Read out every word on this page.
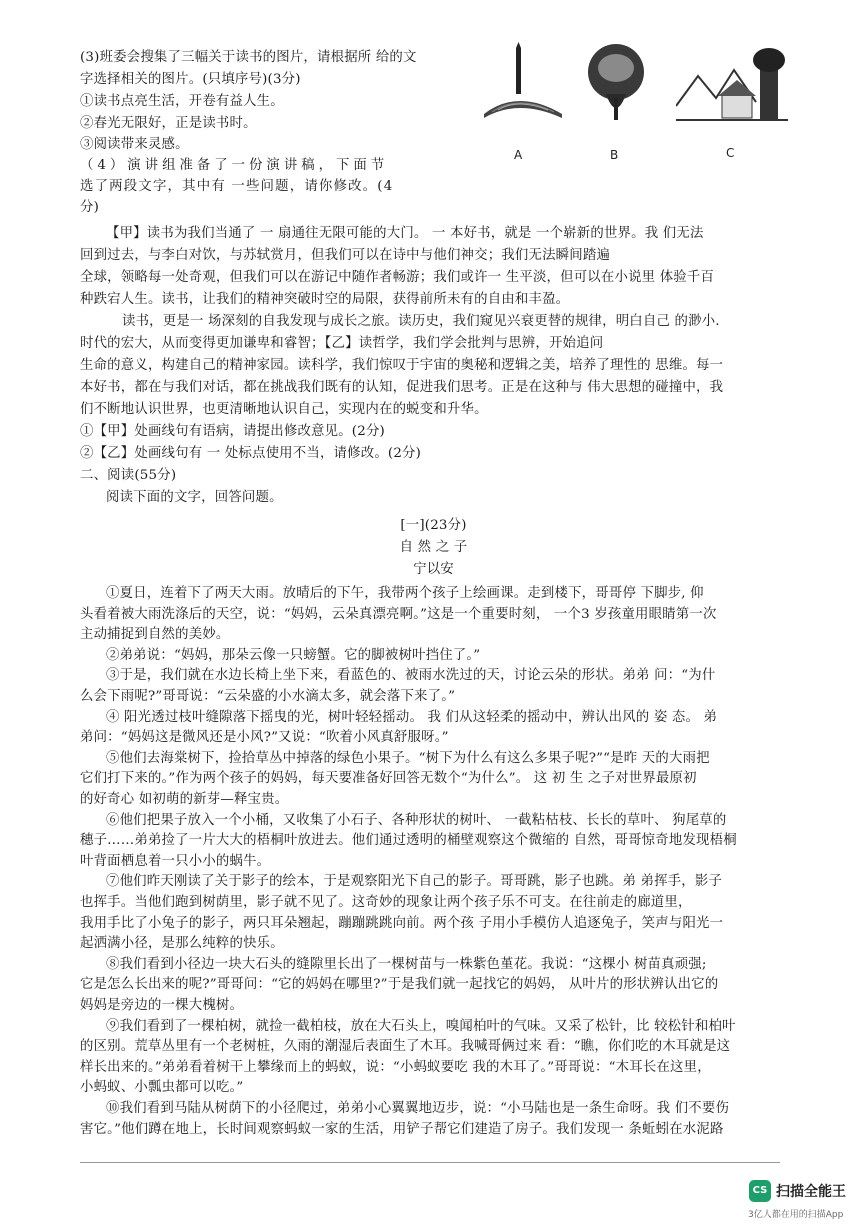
A	B	C
(3)班委会搜集了三幅关于读书的图片，请根据所 给的文
字选择相关的图片。(只填序号)(3分)
①读书点亮生活，开卷有益人生。
②春光无限好，正是读书时。
③阅读带来灵感。
（4）演讲组准备了一份演讲稿，下面节
选了两段文字，其中有 一些问题，请你修改。(4
分)
【甲】读书为我们当通了 一 扇通往无限可能的大门。 一 本好书，就是 一个崭新的世界。我 们无法
回到过去，与李白对饮，与苏轼赏月，但我们可以在诗中与他们神交；我们无法瞬间踏遍
全球，领略每一处奇观，但我们可以在游记中随作者畅游；我们或许一 生平淡，但可以在小说里 体验千百
种跌宕人生。读书，让我们的精神突破时空的局限，获得前所未有的自由和丰盈。
读书，更是一 场深刻的自我发现与成长之旅。读历史，我们窥见兴衰更替的规律，明白自己 的渺小.
时代的宏大，从而变得更加谦卑和睿智；【乙】读哲学，我们学会批判与思辨，开始追问
生命的意义，构建自己的精神家园。读科学，我们惊叹于宇宙的奥秘和逻辑之美，培养了理性的 思维。每一
本好书，都在与我们对话，都在挑战我们既有的认知，促进我们思考。正是在这种与 伟大思想的碰撞中，我
们不断地认识世界，也更清晰地认识自己，实现内在的蜕变和升华。
①【甲】处画线句有语病，请提出修改意见。(2分)
②【乙】处画线句有 一 处标点使用不当，请修改。(2分)
二、阅读(55分)
阅读下面的文字，回答问题。
[一](23分)
自 然 之 子
宁以安
①夏日，连着下了两天大雨。放晴后的下午，我带两个孩子上绘画课。走到楼下，哥哥停 下脚步, 仰
头看着被大雨洗涤后的天空，说：“妈妈，云朵真漂亮啊。”这是一个重要时刻， 一个3 岁孩童用眼睛第一次
主动捕捉到自然的美妙。
②弟弟说：“妈妈，那朵云像一只螃蟹。它的脚被树叶挡住了。”
③于是，我们就在水边长椅上坐下来，看蓝色的、被雨水洗过的天，讨论云朵的形状。弟弟 问：“为什
么会下雨呢?”哥哥说：“云朵盛的小水滴太多，就会落下来了。”
④ 阳光透过枝叶缝隙落下摇曳的光，树叶轻轻摇动。 我 们从这轻柔的摇动中，辨认出风的 姿 态。 弟
弟问：“妈妈这是微风还是小风?”又说：“吹着小风真舒服呀。”
⑤他们去海棠树下，捡拾草丛中掉落的绿色小果子。“树下为什么有这么多果子呢?”“是昨 天的大雨把
它们打下来的。”作为两个孩子的妈妈，每天要准备好回答无数个“为什么”。 这 初 生 之子对世界最原初
的好奇心 如初萌的新芽—释宝贵。
⑥他们把果子放入一个小桶，又收集了小石子、各种形状的树叶、 一截粘枯枝、长长的草叶、 狗尾草的
穗子……弟弟捡了一片大大的梧桐叶放进去。他们通过透明的桶壁观察这个微缩的 自然，哥哥惊奇地发现梧桐
叶背面栖息着一只小小的蜗牛。
⑦他们昨天刚读了关于影子的绘本，于是观察阳光下自己的影子。哥哥跳，影子也跳。弟 弟挥手，影子
也挥手。当他们跑到树荫里，影子就不见了。这奇妙的现象让两个孩子乐不可支。在往前走的廊道里，
我用手比了小兔子的影子，两只耳朵翘起，蹦蹦跳跳向前。两个孩 子用小手模仿人追逐兔子，笑声与阳光一
起洒满小径，是那么纯粹的快乐。
⑧我们看到小径边一块大石头的缝隙里长出了一棵树苗与一株紫色堇花。我说：“这棵小 树苗真顽强;
它是怎么长出来的呢?”哥哥问：“它的妈妈在哪里?”于是我们就一起找它的妈妈， 从叶片的形状辨认出它的
妈妈是旁边的一棵大槐树。
⑨我们看到了一棵柏树，就捡一截柏枝，放在大石头上，嗅闻柏叶的气味。又采了松针，比 较松针和柏叶
的区别。荒草丛里有一个老树桩，久雨的潮湿后表面生了木耳。我喊哥俩过来 看：“瞧，你们吃的木耳就是这
样长出来的。”弟弟看着树干上攀缘而上的蚂蚁，说：“小蚂蚁要吃 我的木耳了。”哥哥说：“木耳长在这里，
小蚂蚁、小瓢虫都可以吃。”
⑩我们看到马陆从树荫下的小径爬过，弟弟小心翼翼地迈步，说：“小马陆也是一条生命呀。我 们不要伤
害它。”他们蹲在地上，长时间观察蚂蚁一家的生活，用铲子帮它们建造了房子。我们发现一 条蚯蚓在水泥路
CS 扫描全能王
3亿人都在用的扫描App
